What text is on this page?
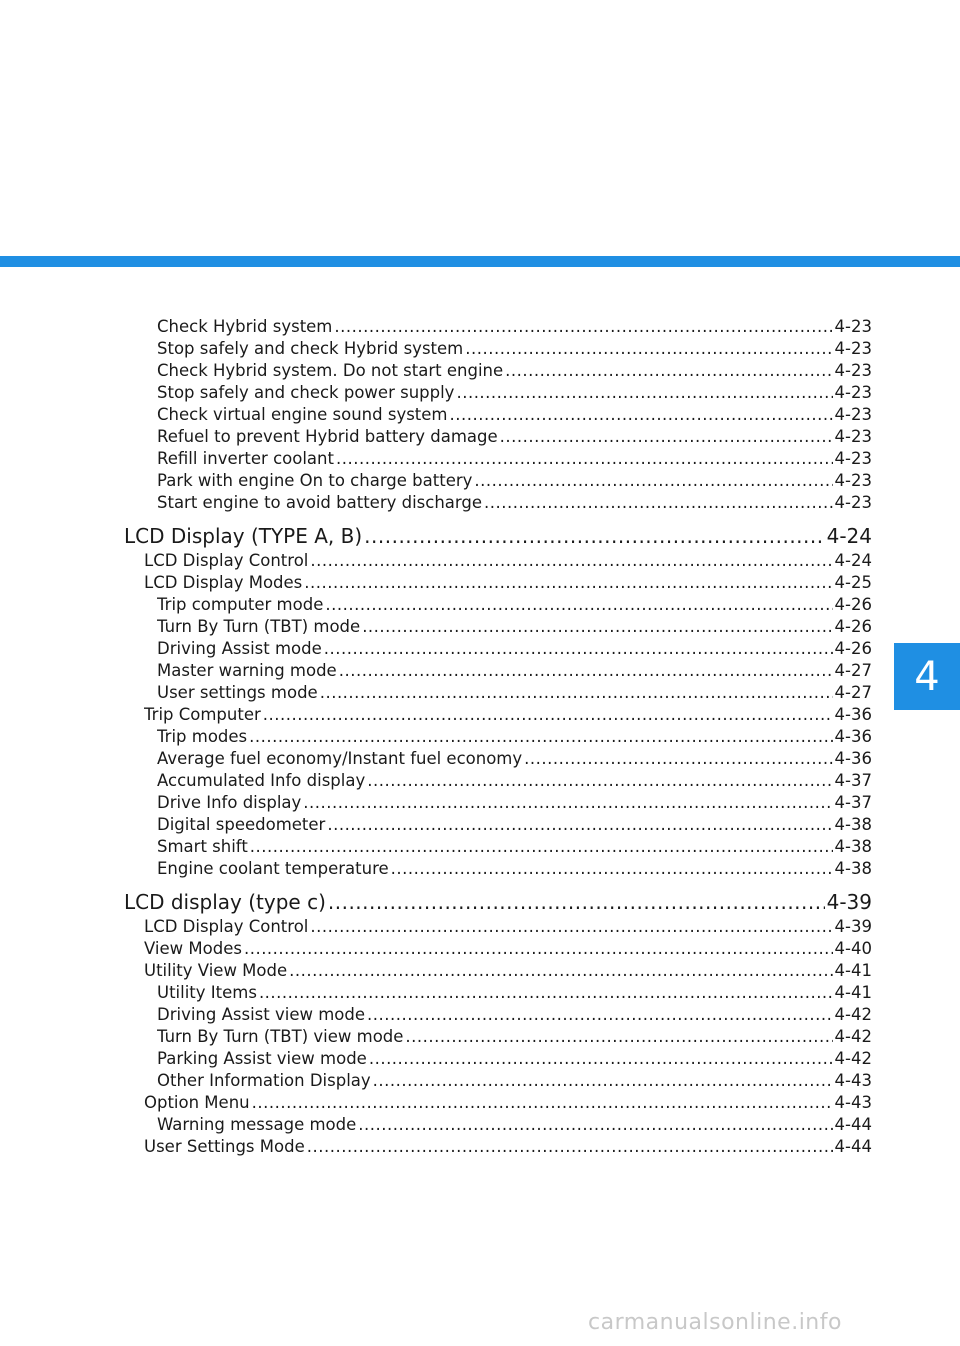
4
Check Hybrid system .....	4-23
Stop safely and check Hybrid system .....	4-23
Check Hybrid system. Do not start engine .....	4-23
Stop safely and check power supply .....	4-23
Check virtual engine sound system .....	4-23
Refuel to prevent Hybrid battery damage .....	4-23
Refill inverter coolant .....	4-23
Park with engine On to charge battery .....	4-23
Start engine to avoid battery discharge .....	4-23
LCD Display (TYPE A, B) .....	4-24
LCD Display Control .....	4-24
LCD Display Modes .....	4-25
Trip computer mode .....	4-26
Turn By Turn (TBT) mode .....	4-26
Driving Assist mode .....	4-26
Master warning mode .....	4-27
User settings mode .....	4-27
Trip Computer .....	4-36
Trip modes .....	4-36
Average fuel economy/Instant fuel economy .....	4-36
Accumulated Info display .....	4-37
Drive Info display .....	4-37
Digital speedometer .....	4-38
Smart shift .....	4-38
Engine coolant temperature .....	4-38
LCD display (type c) .....	4-39
LCD Display Control .....	4-39
View Modes .....	4-40
Utility View Mode .....	4-41
Utility Items .....	4-41
Driving Assist view mode .....	4-42
Turn By Turn (TBT) view mode .....	4-42
Parking Assist view mode .....	4-42
Other Information Display .....	4-43
Option Menu .....	4-43
Warning message mode .....	4-44
User Settings Mode .....	4-44
carmanualsonline.info
